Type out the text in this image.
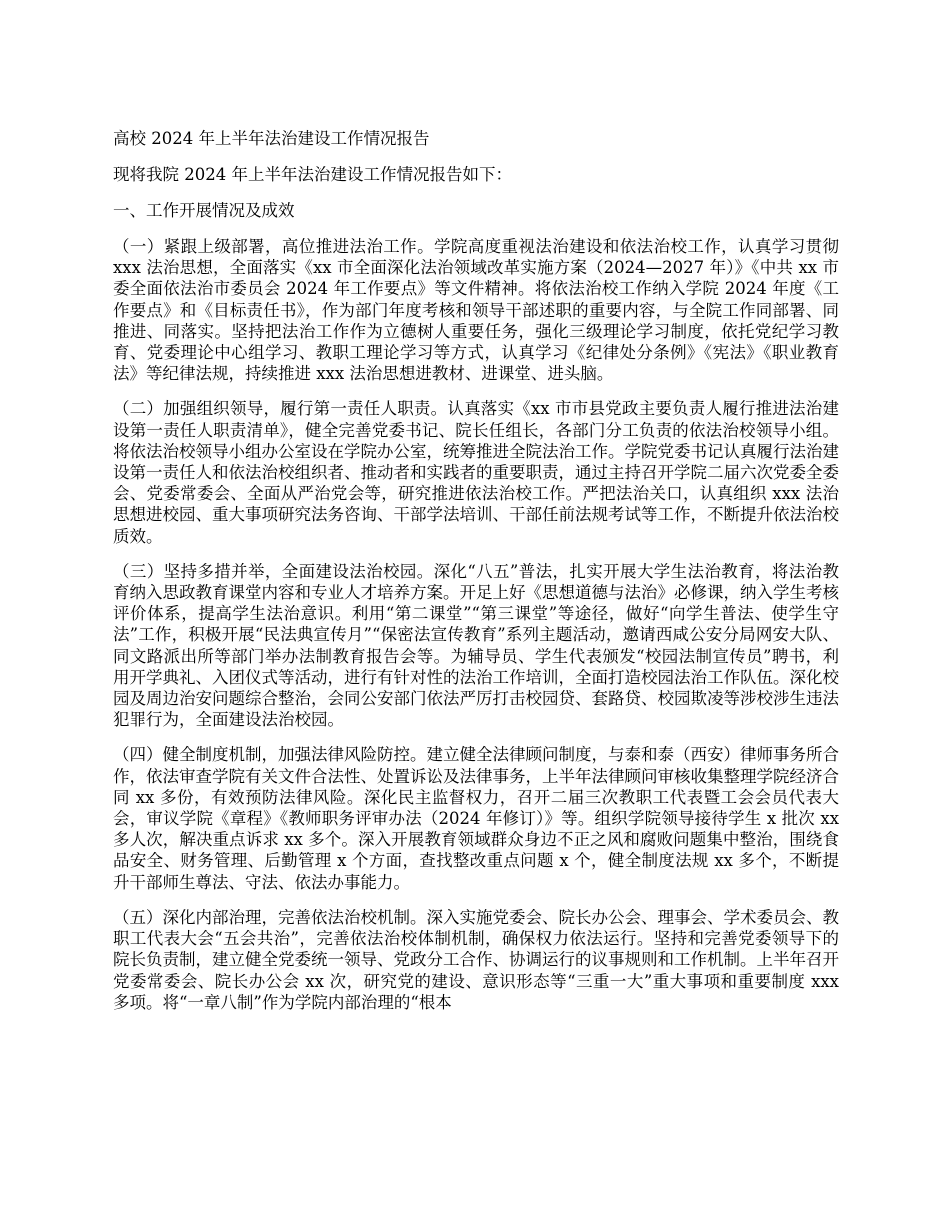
高校 2024 年上半年法治建设工作情况报告
现将我院 2024 年上半年法治建设工作情况报告如下：
一、工作开展情况及成效

（一）紧跟上级部署，高位推进法治工作。学院高度重视法治建设和依法治校工作，认真学习贯彻 xxx 法治思想，全面落实《xx 市全面深化法治领域改革实施方案（2024—2027 年）》《中共 xx 市委全面依法治市委员会 2024 年工作要点》等文件精神。将依法治校工作纳入学院 2024 年度《工作要点》和《目标责任书》，作为部门年度考核和领导干部述职的重要内容，与全院工作同部署、同推进、同落实。坚持把法治工作作为立德树人重要任务，强化三级理论学习制度，依托党纪学习教育、党委理论中心组学习、教职工理论学习等方式，认真学习《纪律处分条例》《宪法》《职业教育法》等纪律法规，持续推进 xxx 法治思想进教材、进课堂、进头脑。

（二）加强组织领导，履行第一责任人职责。认真落实《xx 市市县党政主要负责人履行推进法治建设第一责任人职责清单》，健全完善党委书记、院长任组长，各部门分工负责的依法治校领导小组。将依法治校领导小组办公室设在学院办公室，统筹推进全院法治工作。学院党委书记认真履行法治建设第一责任人和依法治校组织者、推动者和实践者的重要职责，通过主持召开学院二届六次党委全委会、党委常委会、全面从严治党会等，研究推进依法治校工作。严把法治关口，认真组织 xxx 法治思想进校园、重大事项研究法务咨询、干部学法培训、干部任前法规考试等工作，不断提升依法治校质效。

（三）坚持多措并举，全面建设法治校园。深化“八五”普法，扎实开展大学生法治教育，将法治教育纳入思政教育课堂内容和专业人才培养方案。开足上好《思想道德与法治》必修课，纳入学生考核评价体系，提高学生法治意识。利用“第二课堂”“第三课堂”等途径，做好“向学生普法、使学生守法”工作，积极开展“民法典宣传月”“保密法宣传教育”系列主题活动，邀请西咸公安分局网安大队、同文路派出所等部门举办法制教育报告会等。为辅导员、学生代表颁发“校园法制宣传员”聘书，利用开学典礼、入团仪式等活动，进行有针对性的法治工作培训，全面打造校园法治工作队伍。深化校园及周边治安问题综合整治，会同公安部门依法严厉打击校园贷、套路贷、校园欺凌等涉校涉生违法犯罪行为，全面建设法治校园。

（四）健全制度机制，加强法律风险防控。建立健全法律顾问制度，与泰和泰（西安）律师事务所合作，依法审查学院有关文件合法性、处置诉讼及法律事务，上半年法律顾问审核收集整理学院经济合同 xx 多份，有效预防法律风险。深化民主监督权力，召开二届三次教职工代表暨工会会员代表大会，审议学院《章程》《教师职务评审办法（2024 年修订）》等。组织学院领导接待学生 x 批次 xx 多人次，解决重点诉求 xx 多个。深入开展教育领域群众身边不正之风和腐败问题集中整治，围绕食品安全、财务管理、后勤管理 x 个方面，查找整改重点问题 x 个，健全制度法规 xx 多个，不断提升干部师生尊法、守法、依法办事能力。

（五）深化内部治理，完善依法治校机制。深入实施党委会、院长办公会、理事会、学术委员会、教职工代表大会“五会共治”，完善依法治校体制机制，确保权力依法运行。坚持和完善党委领导下的院长负责制，建立健全党委统一领导、党政分工合作、协调运行的议事规则和工作机制。上半年召开党委常委会、院长办公会 xx 次，研究党的建设、意识形态等“三重一大”重大事项和重要制度 xxx 多项。将“一章八制”作为学院内部治理的“根本
